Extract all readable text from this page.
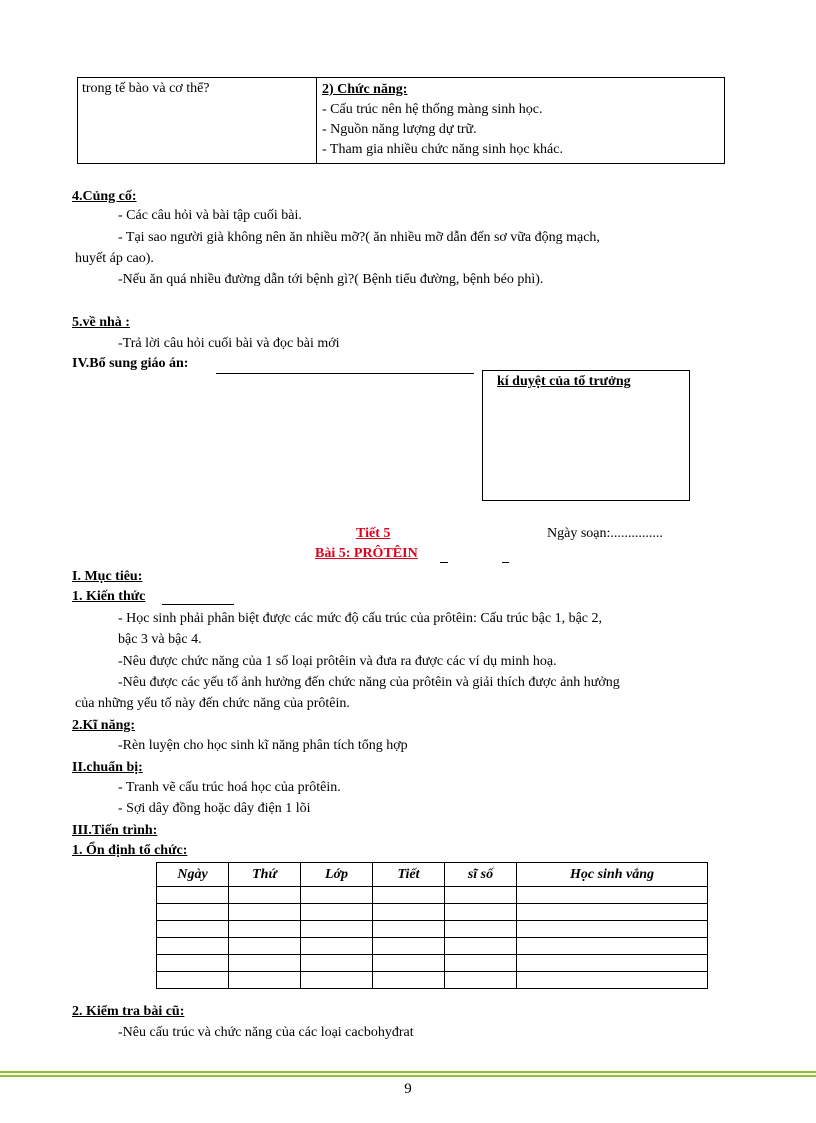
trong tế bào và cơ thể?	2) Chức năng:
- Cấu trúc nên hệ thống màng sinh học.
- Nguồn năng lượng dự trữ.
- Tham gia nhiều chức năng sinh học khác.
4.Củng cố:
- Các câu hỏi và bài tập cuối bài.
- Tại sao người già không nên ăn nhiều mỡ?( ăn nhiều mỡ dẫn đến sơ vữa động mạch,
huyết áp cao).
-Nếu ăn quá nhiều đường dẫn tới bệnh gì?( Bệnh tiểu đường, bệnh béo phì).
5.về nhà :
-Trả lời câu hỏi cuối bài và đọc bài mới
IV.Bổ sung giáo án:
kí duyệt của tổ trưởng
Tiết 5	Ngày soạn:...............
Bài 5: PRÔTÊIN
I. Mục tiêu:
1. Kiến thức
- Học sinh phải phân biệt được các mức độ cấu trúc của prôtêin: Cấu trúc bậc 1, bậc 2,
bậc 3 và bậc 4.
-Nêu được chức năng của 1 số loại prôtêin và đưa ra được các ví dụ minh hoạ.
-Nêu được các yếu tố ảnh hưởng đến chức năng của prôtêin và giải thích được ảnh hưởng
của những yếu tố này đến chức năng của prôtêin.
2.Kĩ năng:
-Rèn luyện cho học sinh kĩ năng phân tích tổng hợp
II.chuẩn bị:
- Tranh vẽ cấu trúc hoá học của prôtêin.
- Sợi dây đồng hoặc dây điện 1 lõi
III.Tiến trình:
1. Ổn định tổ chức:
Ngày	Thứ	Lớp	Tiết	sĩ số	Học sinh vắng

2. Kiểm tra bài cũ:
-Nêu cấu trúc và chức năng của các loại cacbohyđrat
9
